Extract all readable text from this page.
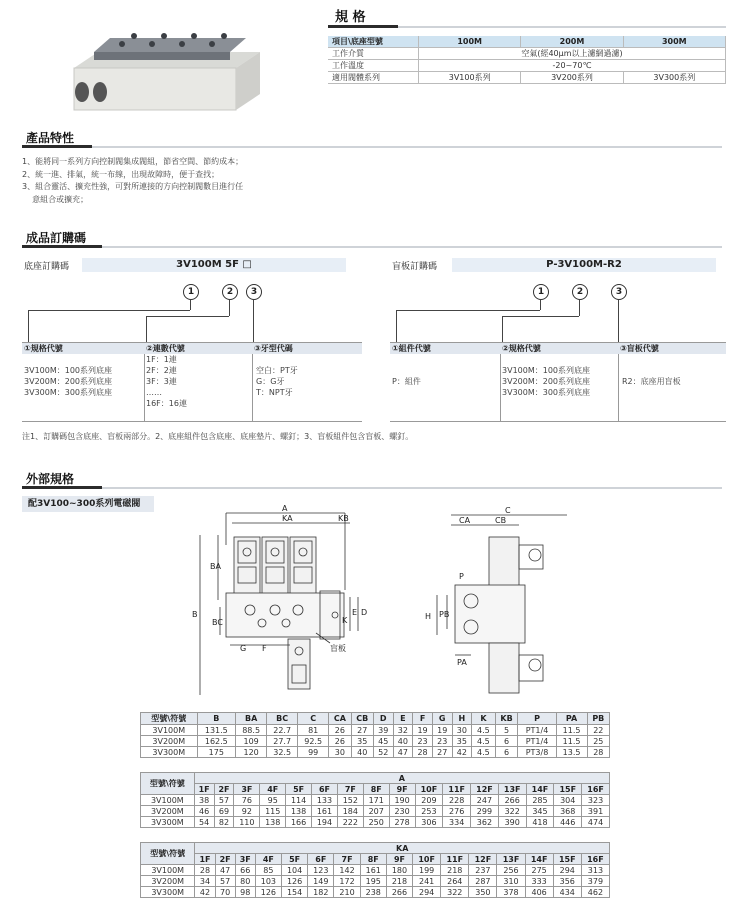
規 格
項目\底座型號	100M	200M	300M
工作介質	空氣(經40μm以上濾網過濾)		
工作溫度	-20~70℃		
適用閥體系列	3V100系列	3V200系列	3V300系列
產品特性
1、能將同一系列方向控制閥集成閥組，節省空間、節約成本；
2、統一進、排氣，統一布線，出現故障時，便于查找；
3、組合靈活、擴充性強，可對所連接的方向控制閥數目進行任
意組合或擴充；
成品訂購碼
底座訂購碼	3V100M 5F □
1	2	3
①規格代號

3V100M：100系列底座
3V200M：200系列底座
3V300M：300系列底座
②連數代號
1F：1連
2F：2連
3F：3連
……
16F：16連
③牙型代碼

空白：PT牙
G：G牙
T：NPT牙
盲板訂購碼	P-3V100M-R2
1	2	3
①組件代號

P：組件
②規格代號

3V100M：100系列底座
3V200M：200系列底座
3V300M：300系列底座
③盲板代號

R2：底座用盲板
注1、訂購碼包含底座、盲板兩部分。2、底座組件包含底座、底座墊片、螺釘；3、盲板組件包含盲板、螺釘。
外部規格
配3V100~300系列電磁閥	A
KA	KB
B
BA
BC
G F
D
E
K
盲板
C
CA	CB
P
H PB
PA
型號\符號	B	BA	BC	C	CA	CB	D	E	F	G	H	K	KB	P	PA	PB
3V100M	131.5	88.5	22.7	81	26	27	39	32	19	19	30	4.5	5	PT1/4	11.5	22
3V200M	162.5	109	27.7	92.5	26	35	45	40	23	23	35	4.5	6	PT1/4	11.5	25
3V300M	175	120	32.5	99	30	40	52	47	28	27	42	4.5	6	PT3/8	13.5	28
型號\符號	A															
	1F	2F	3F	4F	5F	6F	7F	8F	9F	10F	11F	12F	13F	14F	15F	16F
3V100M	38	57	76	95	114	133	152	171	190	209	228	247	266	285	304	323
3V200M	46	69	92	115	138	161	184	207	230	253	276	299	322	345	368	391
3V300M	54	82	110	138	166	194	222	250	278	306	334	362	390	418	446	474
型號\符號	KA															
	1F	2F	3F	4F	5F	6F	7F	8F	9F	10F	11F	12F	13F	14F	15F	16F
3V100M	28	47	66	85	104	123	142	161	180	199	218	237	256	275	294	313
3V200M	34	57	80	103	126	149	172	195	218	241	264	287	310	333	356	379
3V300M	42	70	98	126	154	182	210	238	266	294	322	350	378	406	434	462
